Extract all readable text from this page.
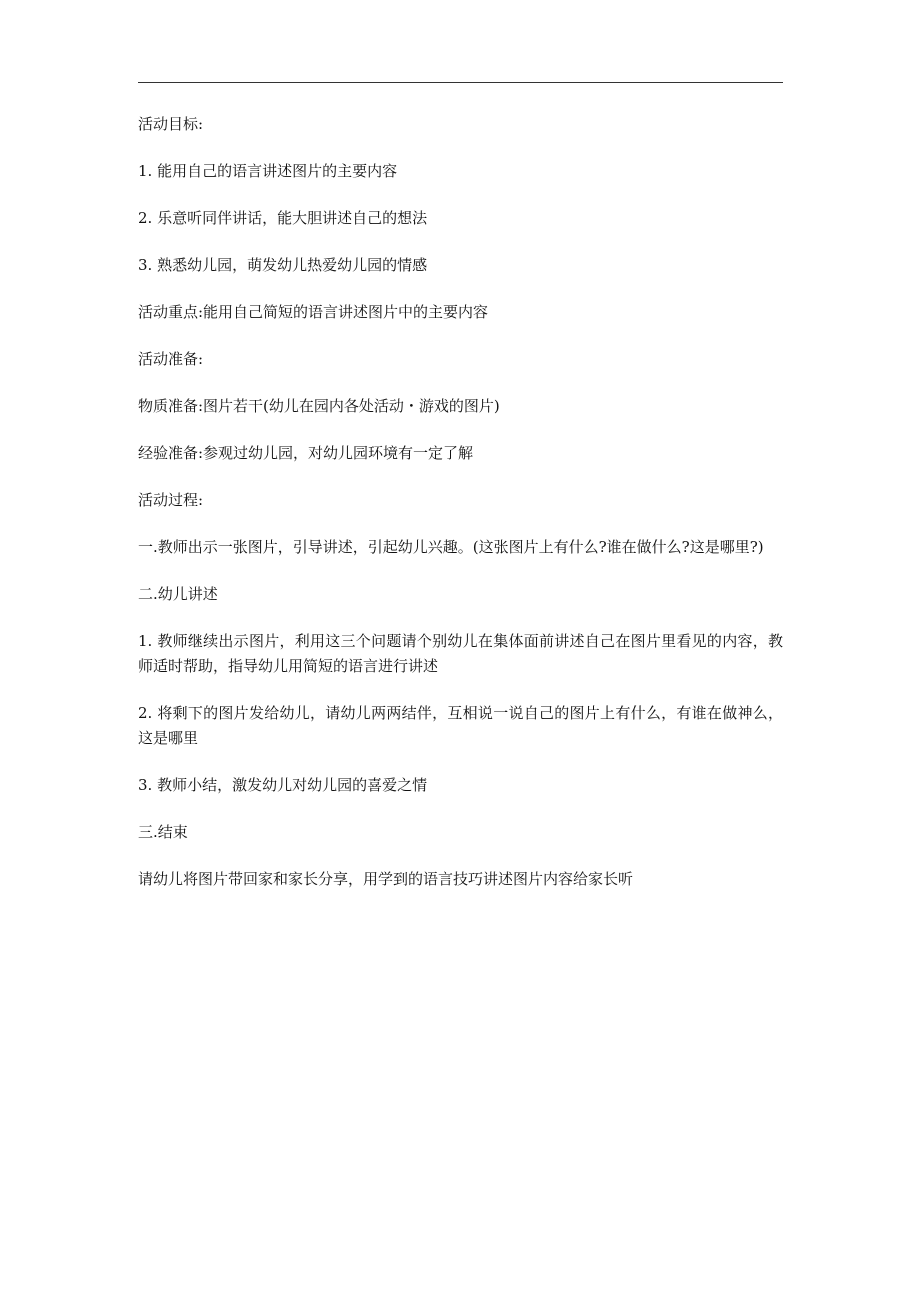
活动目标:

1. 能用自己的语言讲述图片的主要内容

2. 乐意听同伴讲话，能大胆讲述自己的想法

3. 熟悉幼儿园，萌发幼儿热爱幼儿园的情感

活动重点:能用自己简短的语言讲述图片中的主要内容

活动准备:

物质准备:图片若干(幼儿在园内各处活动・游戏的图片)

经验准备:参观过幼儿园，对幼儿园环境有一定了解

活动过程:

一.教师出示一张图片，引导讲述，引起幼儿兴趣。(这张图片上有什么?谁在做什么?这是哪里?)

二.幼儿讲述

1. 教师继续出示图片，利用这三个问题请个别幼儿在集体面前讲述自己在图片里看见的内容，教师适时帮助，指导幼儿用简短的语言进行讲述

2. 将剩下的图片发给幼儿，请幼儿两两结伴，互相说一说自己的图片上有什么，有谁在做神么，这是哪里

3. 教师小结，激发幼儿对幼儿园的喜爱之情

三.结束

请幼儿将图片带回家和家长分享，用学到的语言技巧讲述图片内容给家长听
